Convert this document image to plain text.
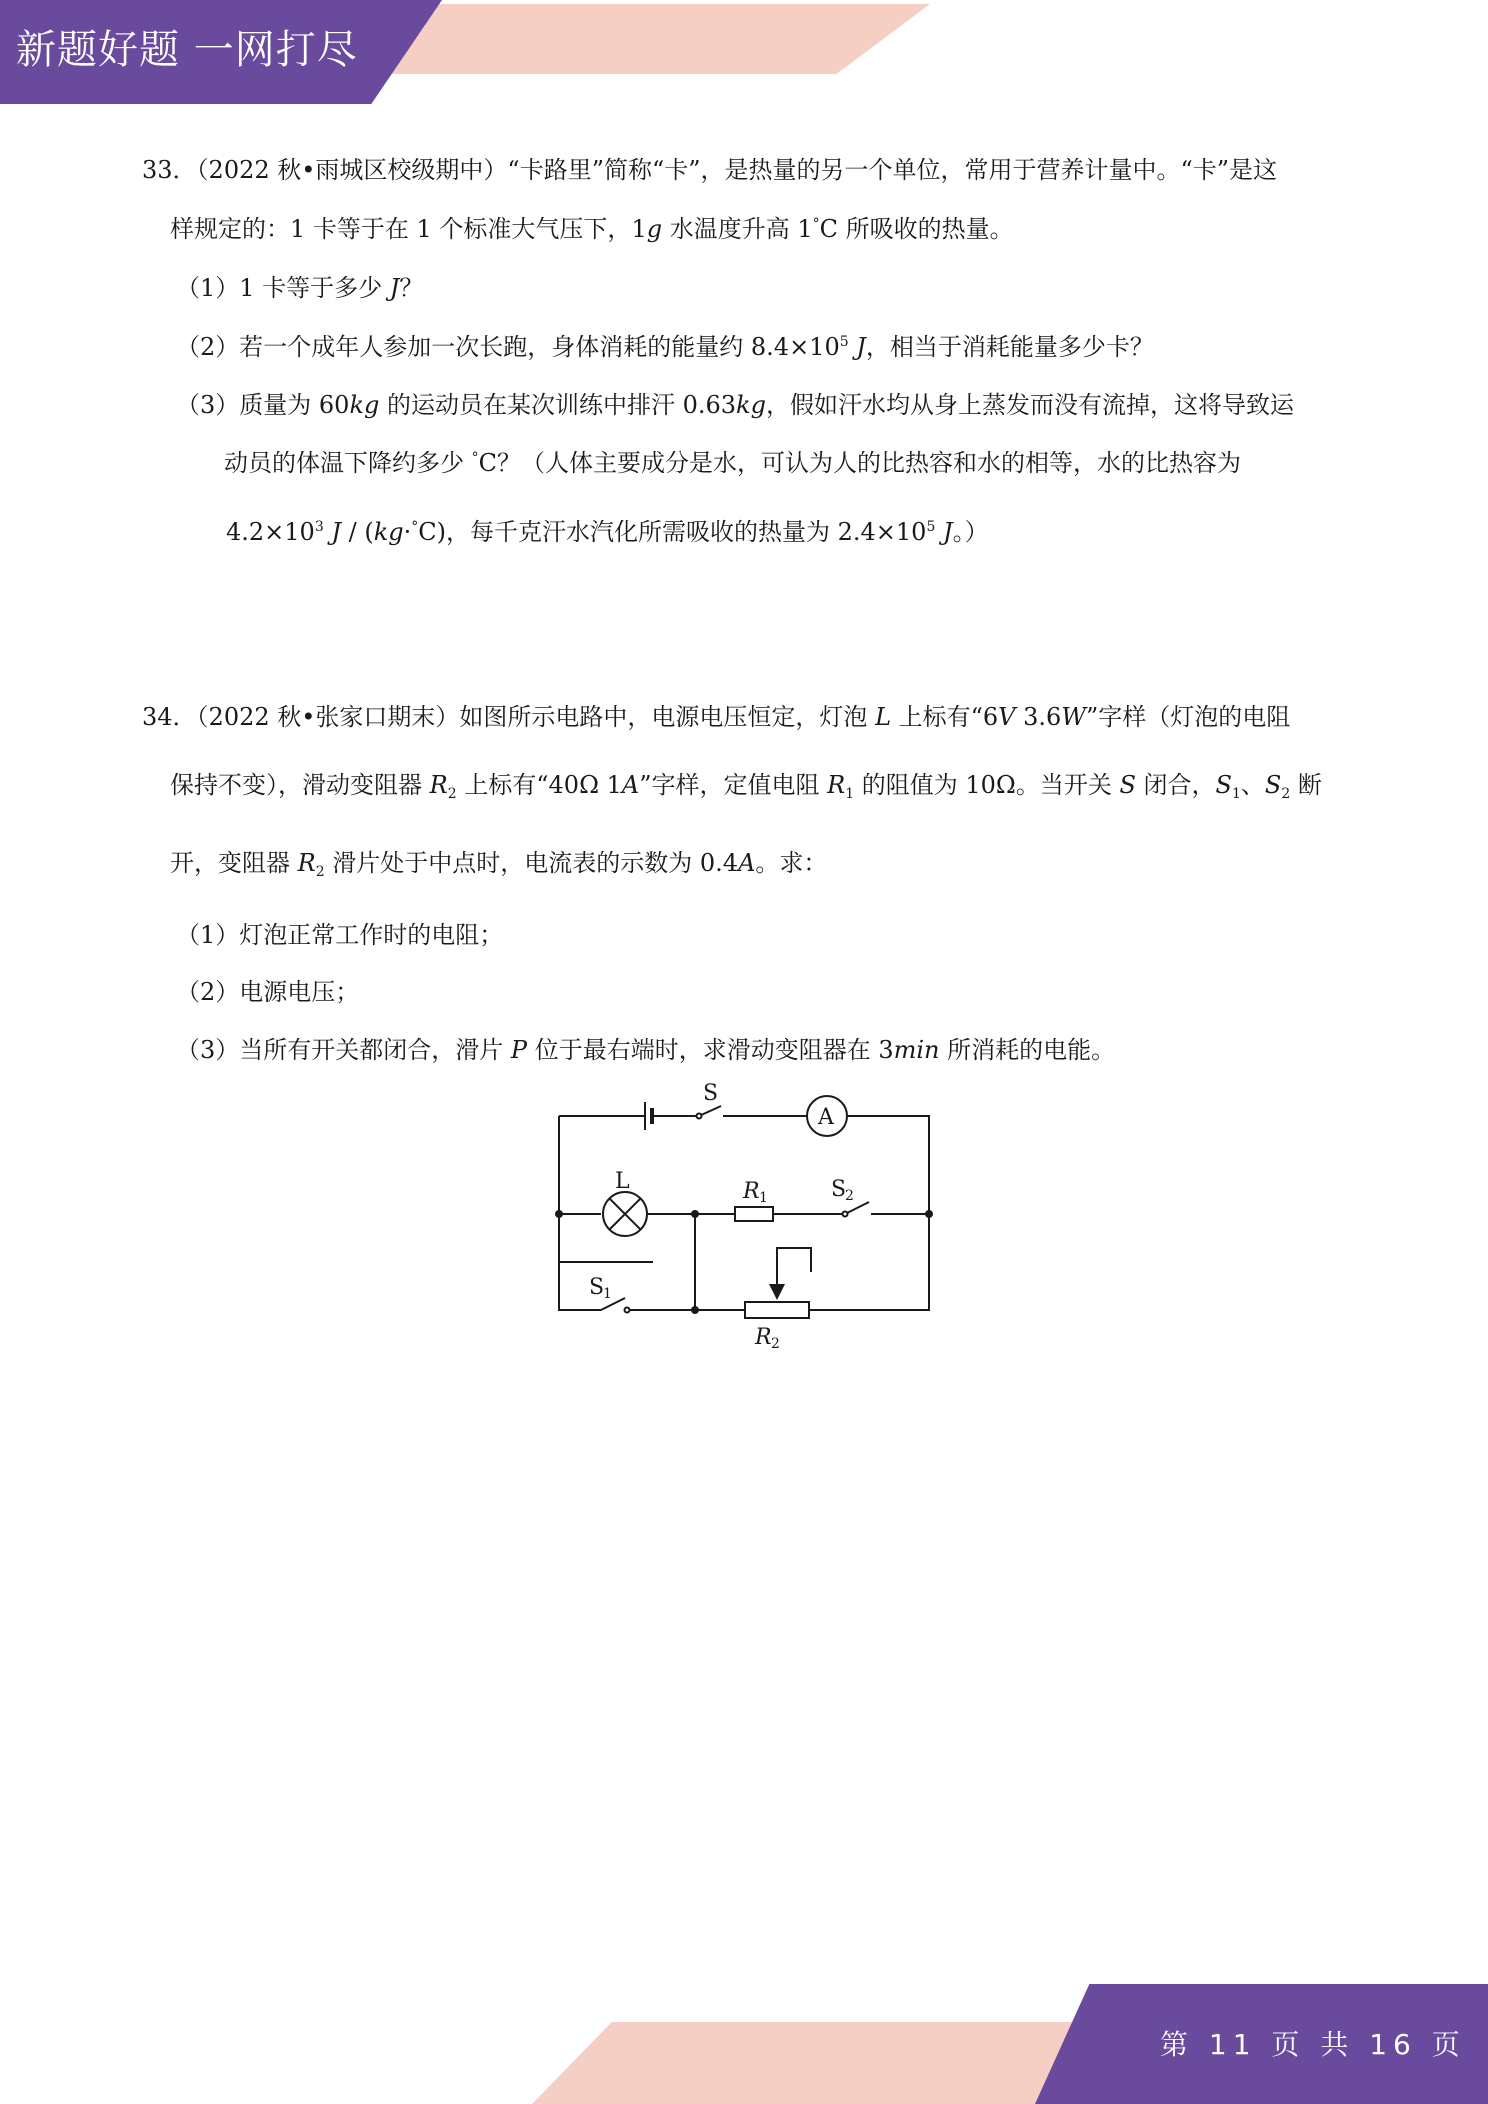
新题好题 一网打尽
33．（2022 秋•雨城区校级期中）“卡路里”简称“卡”，是热量的另一个单位，常用于营养计量中。“卡”是这
样规定的：1 卡等于在 1 个标准大气压下，1g 水温度升高 1°C 所吸收的热量。
（1）1 卡等于多少 J？
（2）若一个成年人参加一次长跑，身体消耗的能量约 $8.4\times 10^5$ J，相当于消耗能量多少卡？
（3）质量为 60kg 的运动员在某次训练中排汗 0.63kg，假如汗水均从身上蒸发而没有流掉，这将导致运
动员的体温下降约多少 °C？（人体主要成分是水，可认为人的比热容和水的相等，水的比热容为
$4.2\times 10^3$ J / (kg·°C)，每千克汗水汽化所需吸收的热量为 $2.4\times 10^5$ J。）
34．（2022 秋•张家口期末）如图所示电路中，电源电压恒定，灯泡 L 上标有“6V 3.6W”字样（灯泡的电阻
保持不变），滑动变阻器 $R_2$ 上标有“40Ω 1A”字样，定值电阻 $R_1$ 的阻值为 10Ω。当开关 S 闭合，$S_1$、$S_2$ 断
开，变阻器 $R_2$ 滑片处于中点时，电流表的示数为 0.4A。求：
（1）灯泡正常工作时的电阻；
（2）电源电压；
（3）当所有开关都闭合，滑片 P 位于最右端时，求滑动变阻器在 3min 所消耗的电能。
S
A
L	R 1	S
2
S
1
R 2
第 11 页 共 16 页
